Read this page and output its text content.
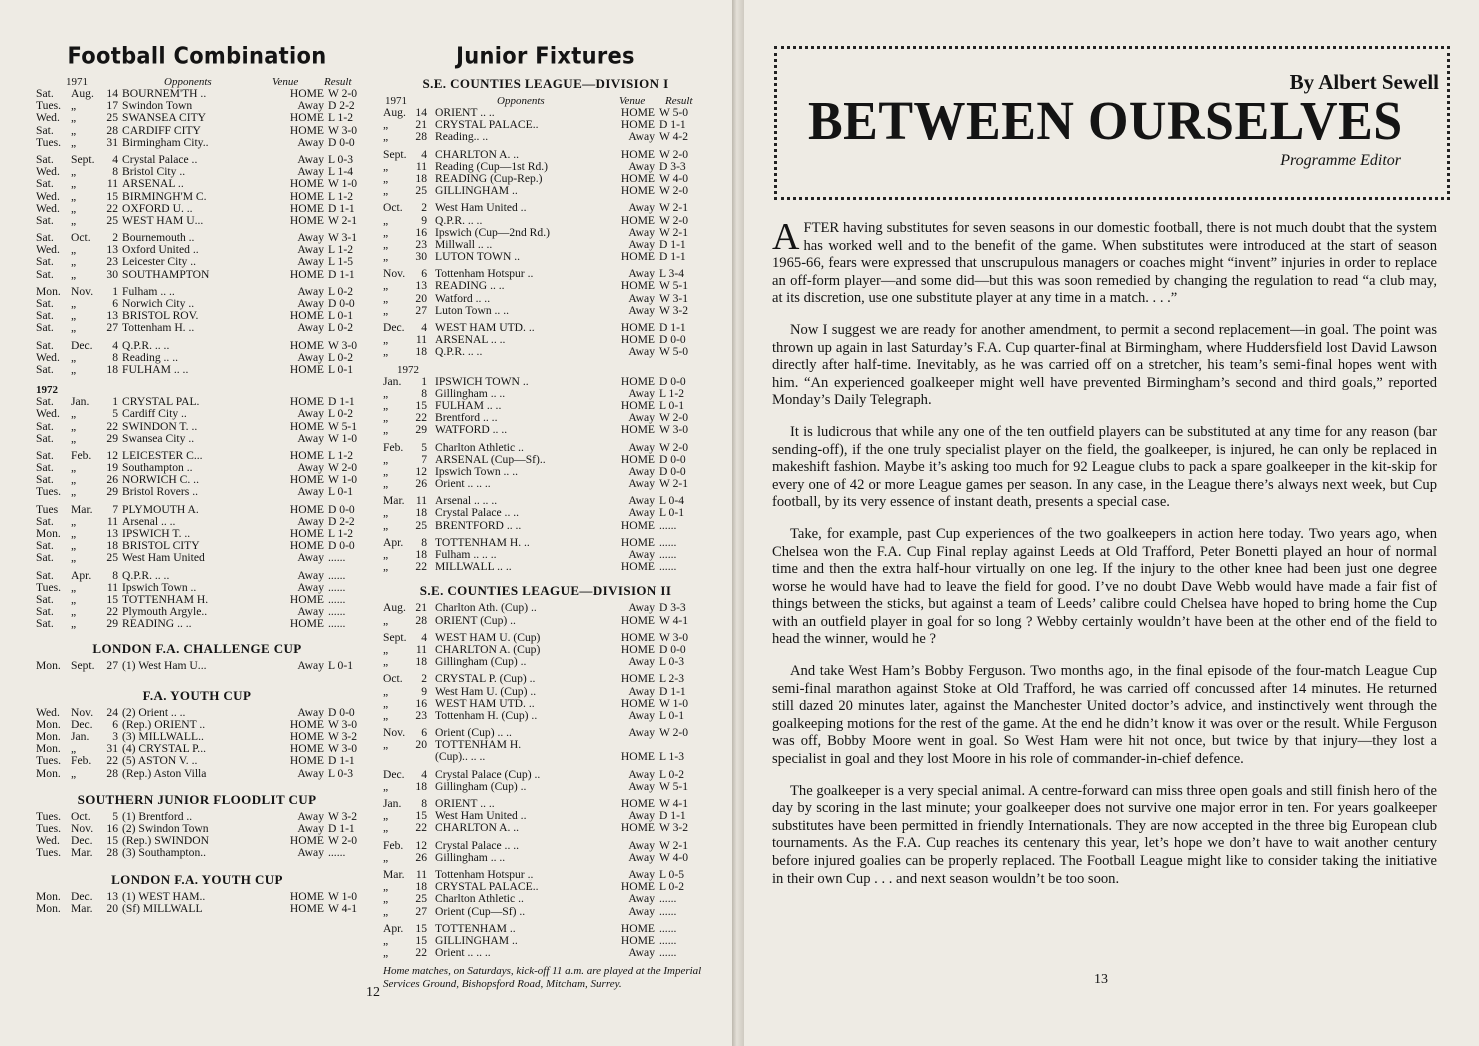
Football Combination
1971	Opponents	Venue Result
Sat. Aug.	14 BOURNEM'TH ..	HOME W 2-0
Tues. „	17 Swindon Town	Away D 2-2
Wed. „	25 SWANSEA CITY	HOME L 1-2
Sat. „	28 CARDIFF CITY	HOME W 3-0
Tues. „	31 Birmingham City..	Away D 0-0
Sat. Sept.	4 Crystal Palace ..	Away L 0-3
Wed. „	8 Bristol City ..	Away L 1-4
Sat. „	11 ARSENAL ..	HOME W 1-0
Wed. „	15 BIRMINGH'M C.	HOME L 1-2
Wed. „	22 OXFORD U. ..	HOME D 1-1
Sat. „	25 WEST HAM U...	HOME W 2-1
Sat. Oct.	2 Bournemouth ..	Away W 3-1
Wed. „	13 Oxford United ..	Away L 1-2
Sat. „	23 Leicester City ..	Away L 1-5
Sat. „	30 SOUTHAMPTON	HOME D 1-1
Mon. Nov.	1 Fulham .. ..	Away L 0-2
Sat. „	6 Norwich City ..	Away D 0-0
Sat. „	13 BRISTOL ROV.	HOME L 0-1
Sat. „	27 Tottenham H. ..	Away L 0-2
Sat. Dec.	4 Q.P.R. .. ..	HOME W 3-0
Wed. „	8 Reading .. ..	Away L 0-2
Sat. „	18 FULHAM .. ..	HOME L 0-1
1972
Sat. Jan.	1 CRYSTAL PAL.	HOME D 1-1
Wed. „	5 Cardiff City ..	Away L 0-2
Sat. „	22 SWINDON T. ..	HOME W 5-1
Sat. „	29 Swansea City ..	Away W 1-0
Sat. Feb.	12 LEICESTER C...	HOME L 1-2
Sat. „	19 Southampton ..	Away W 2-0
Sat. „	26 NORWICH C. ..	HOME W 1-0
Tues. „	29 Bristol Rovers ..	Away L 0-1
Tues Mar.	7 PLYMOUTH A.	HOME D 0-0
Sat. „	11 Arsenal .. ..	Away D 2-2
Mon. „	13 IPSWICH T. ..	HOME L 1-2
Sat. „	18 BRISTOL CITY	HOME D 0-0
Sat. „	25 West Ham United	Away ......
Sat. Apr.	8 Q.P.R. .. ..	Away ......
Tues. „	11 Ipswich Town ..	Away ......
Sat. „	15 TOTTENHAM H.	HOME ......
Sat. „	22 Plymouth Argyle..	Away ......
Sat. „	29 READING .. ..	HOME ......
LONDON F.A. CHALLENGE CUP
Mon. Sept.	27 (1) West Ham U...	Away L 0-1
F.A. YOUTH CUP
Wed. Nov.	24 (2) Orient .. ..	Away D 0-0
Mon. Dec.	6 (Rep.) ORIENT ..	HOME W 3-0
Mon. Jan.	3 (3) MILLWALL..	HOME W 3-2
Mon. „	31 (4) CRYSTAL P...	HOME W 3-0
Tues. Feb.	22 (5) ASTON V. ..	HOME D 1-1
Mon. „	28 (Rep.) Aston Villa	Away L 0-3
SOUTHERN JUNIOR FLOODLIT CUP
Tues. Oct.	5 (1) Brentford ..	Away W 3-2
Tues. Nov.	16 (2) Swindon Town	Away D 1-1
Wed. Dec.	15 (Rep.) SWINDON	HOME W 2-0
Tues. Mar.	28 (3) Southampton..	Away ......
LONDON F.A. YOUTH CUP
Mon. Dec.	13 (1) WEST HAM..	HOME W 1-0
Mon. Mar.	20 (Sf) MILLWALL	HOME W 4-1
Junior Fixtures
S.E. COUNTIES LEAGUE—DIVISION I
1971	Opponents	Venue Result
Aug. 14 ORIENT .. ..	HOME W 5-0
„	21 CRYSTAL PALACE..	HOME D 1-1
„	28 Reading.. ..	Away W 4-2
Sept.	4 CHARLTON A. ..	HOME W 2-0
„	11 Reading (Cup—1st Rd.)	Away D 3-3
„	18 READING (Cup-Rep.)	HOME W 4-0
„	25 GILLINGHAM ..	HOME W 2-0
Oct.	2 West Ham United ..	Away W 2-1
„	9 Q.P.R. .. ..	HOME W 2-0
„	16 Ipswich (Cup—2nd Rd.)	Away W 2-1
„	23 Millwall .. ..	Away D 1-1
„	30 LUTON TOWN ..	HOME D 1-1
Nov.	6 Tottenham Hotspur ..	Away L 3-4
„	13 READING .. ..	HOME W 5-1
„	20 Watford .. ..	Away W 3-1
„	27 Luton Town .. ..	Away W 3-2
Dec.	4 WEST HAM UTD. ..	HOME D 1-1
„	11 ARSENAL .. ..	HOME D 0-0
„	18 Q.P.R. .. ..	Away W 5-0
1972
Jan.	1 IPSWICH TOWN ..	HOME D 0-0
„	8 Gillingham .. ..	Away L 1-2
„	15 FULHAM .. ..	HOME L 0-1
„	22 Brentford .. ..	Away W 2-0
„	29 WATFORD .. ..	HOME W 3-0
Feb.	5 Charlton Athletic ..	Away W 2-0
„	7 ARSENAL (Cup—Sf)..	HOME D 0-0
„	12 Ipswich Town .. ..	Away D 0-0
„	26 Orient .. .. ..	Away W 2-1
Mar. 11 Arsenal .. .. ..	Away L 0-4
„	18 Crystal Palace .. ..	Away L 0-1
„	25 BRENTFORD .. ..	HOME ......
Apr.	8 TOTTENHAM H. ..	HOME ......
„	18 Fulham .. .. ..	Away ......
„	22 MILLWALL .. ..	HOME ......
S.E. COUNTIES LEAGUE—DIVISION II
Aug. 21 Charlton Ath. (Cup) ..	Away D 3-3
„	28 ORIENT (Cup) ..	HOME W 4-1
Sept.	4 WEST HAM U. (Cup)	HOME W 3-0
„	11 CHARLTON A. (Cup)	HOME D 0-0
„	18 Gillingham (Cup) ..	Away L 0-3
Oct.	2 CRYSTAL P. (Cup) ..	HOME L 2-3
„	9 West Ham U. (Cup) ..	Away D 1-1
„	16 WEST HAM UTD. ..	HOME W 1-0
„	23 Tottenham H. (Cup) ..	Away L 0-1
Nov.	6 Orient (Cup) .. ..	Away W 2-0
„	20 TOTTENHAM H.
(Cup).. .. ..	HOME L 1-3
Dec.	4 Crystal Palace (Cup) ..	Away L 0-2
„	18 Gillingham (Cup) ..	Away W 5-1
Jan.	8 ORIENT .. ..	HOME W 4-1
„	15 West Ham United ..	Away D 1-1
„	22 CHARLTON A. ..	HOME W 3-2
Feb.	12 Crystal Palace .. ..	Away W 2-1
„	26 Gillingham .. ..	Away W 4-0
Mar. 11 Tottenham Hotspur ..	Away L 0-5
„	18 CRYSTAL PALACE..	HOME L 0-2
„	25 Charlton Athletic ..	Away ......
„	27 Orient (Cup—Sf) ..	Away ......
Apr.	15 TOTTENHAM ..	HOME ......
„	15 GILLINGHAM ..	HOME ......
„	22 Orient .. .. ..	Away ......
Home matches, on Saturdays, kick-off 11 a.m. are played at the Imperial Services Ground, Bishopsford Road, Mitcham, Surrey.
12
By Albert Sewell
BETWEEN OURSELVES
Programme Editor

AFTER having substitutes for seven seasons in our domestic football, there is not much doubt that the system has worked well and to the benefit of the game. When substitutes were introduced at the start of season 1965-66, fears were expressed that unscrupulous managers or coaches might “invent” injuries in order to replace an off-form player—and some did—but this was soon remedied by changing the regulation to read “a club may, at its discretion, use one substitute player at any time in a match. . . .”

Now I suggest we are ready for another amendment, to permit a second replacement—in goal. The point was thrown up again in last Saturday’s F.A. Cup quarter-final at Birmingham, where Huddersfield lost David Lawson directly after half-time. Inevitably, as he was carried off on a stretcher, his team’s semi-final hopes went with him. “An experienced goalkeeper might well have prevented Birmingham’s second and third goals,” reported Monday’s Daily Telegraph.

It is ludicrous that while any one of the ten outfield players can be substituted at any time for any reason (bar sending-off), if the one truly specialist player on the field, the goalkeeper, is injured, he can only be replaced in makeshift fashion. Maybe it’s asking too much for 92 League clubs to pack a spare goalkeeper in the kit-skip for every one of 42 or more League games per season. In any case, in the League there’s always next week, but Cup football, by its very essence of instant death, presents a special case.

Take, for example, past Cup experiences of the two goalkeepers in action here today. Two years ago, when Chelsea won the F.A. Cup Final replay against Leeds at Old Trafford, Peter Bonetti played an hour of normal time and then the extra half-hour virtually on one leg. If the injury to the other knee had been just one degree worse he would have had to leave the field for good. I’ve no doubt Dave Webb would have made a fair fist of things between the sticks, but against a team of Leeds’ calibre could Chelsea have hoped to bring home the Cup with an outfield player in goal for so long ? Webby certainly wouldn’t have been at the other end of the field to head the winner, would he ?

And take West Ham’s Bobby Ferguson. Two months ago, in the final episode of the four-match League Cup semi-final marathon against Stoke at Old Trafford, he was carried off concussed after 14 minutes. He returned still dazed 20 minutes later, against the Manchester United doctor’s advice, and instinctively went through the goalkeeping motions for the rest of the game. At the end he didn’t know it was over or the result. While Ferguson was off, Bobby Moore went in goal. So West Ham were hit not once, but twice by that injury—they lost a specialist in goal and they lost Moore in his role of commander-in-chief defence.

The goalkeeper is a very special animal. A centre-forward can miss three open goals and still finish hero of the day by scoring in the last minute; your goalkeeper does not survive one major error in ten. For years goalkeeper substitutes have been permitted in friendly Internationals. They are now accepted in the three big European club tournaments. As the F.A. Cup reaches its centenary this year, let’s hope we don’t have to wait another century before injured goalies can be properly replaced. The Football League might like to consider taking the initiative in their own Cup . . . and next season wouldn’t be too soon.

13
